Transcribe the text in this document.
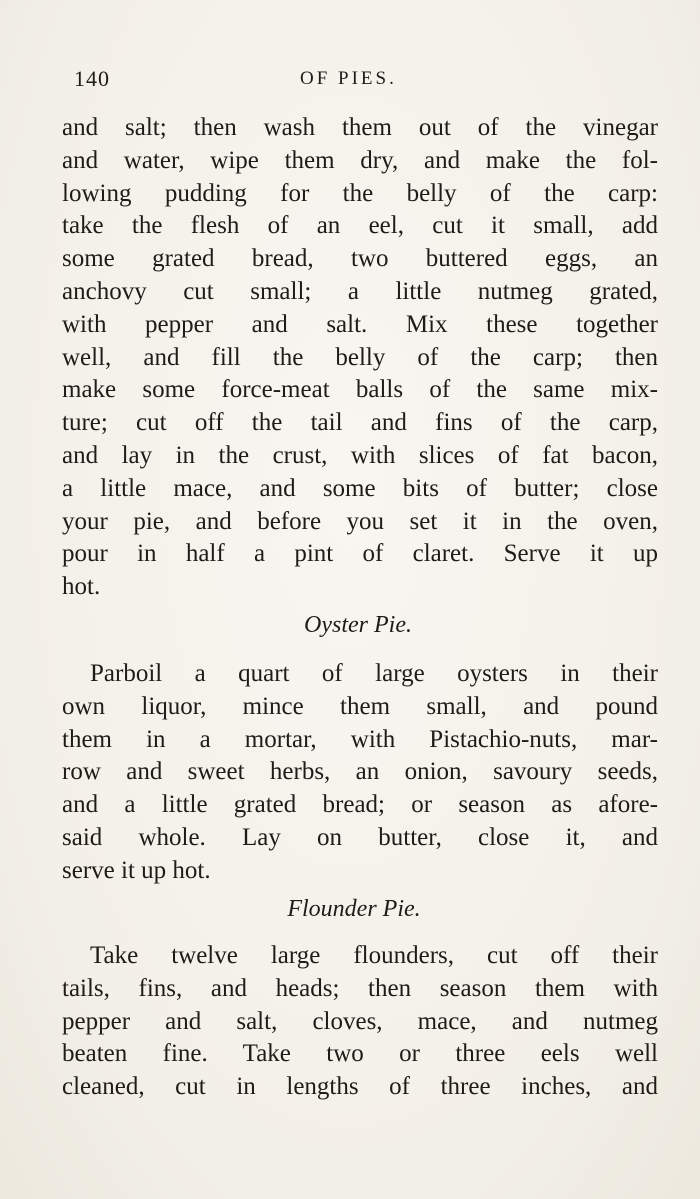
140	OF PIES.
and salt; then wash them out of the vinegar
and water, wipe them dry, and make the fol-
lowing pudding for the belly of the carp:
take the flesh of an eel, cut it small, add
some grated bread, two buttered eggs, an
anchovy cut small; a little nutmeg grated,
with pepper and salt. Mix these together
well, and fill the belly of the carp; then
make some force-meat balls of the same mix-
ture; cut off the tail and fins of the carp,
and lay in the crust, with slices of fat bacon,
a little mace, and some bits of butter; close
your pie, and before you set it in the oven,
pour in half a pint of claret. Serve it up
hot.
Oyster Pie.
Parboil a quart of large oysters in their
own liquor, mince them small, and pound
them in a mortar, with Pistachio-nuts, mar-
row and sweet herbs, an onion, savoury seeds,
and a little grated bread; or season as afore-
said whole. Lay on butter, close it, and
serve it up hot.
Flounder Pie.
Take twelve large flounders, cut off their
tails, fins, and heads; then season them with
pepper and salt, cloves, mace, and nutmeg
beaten fine. Take two or three eels well
cleaned, cut in lengths of three inches, and
